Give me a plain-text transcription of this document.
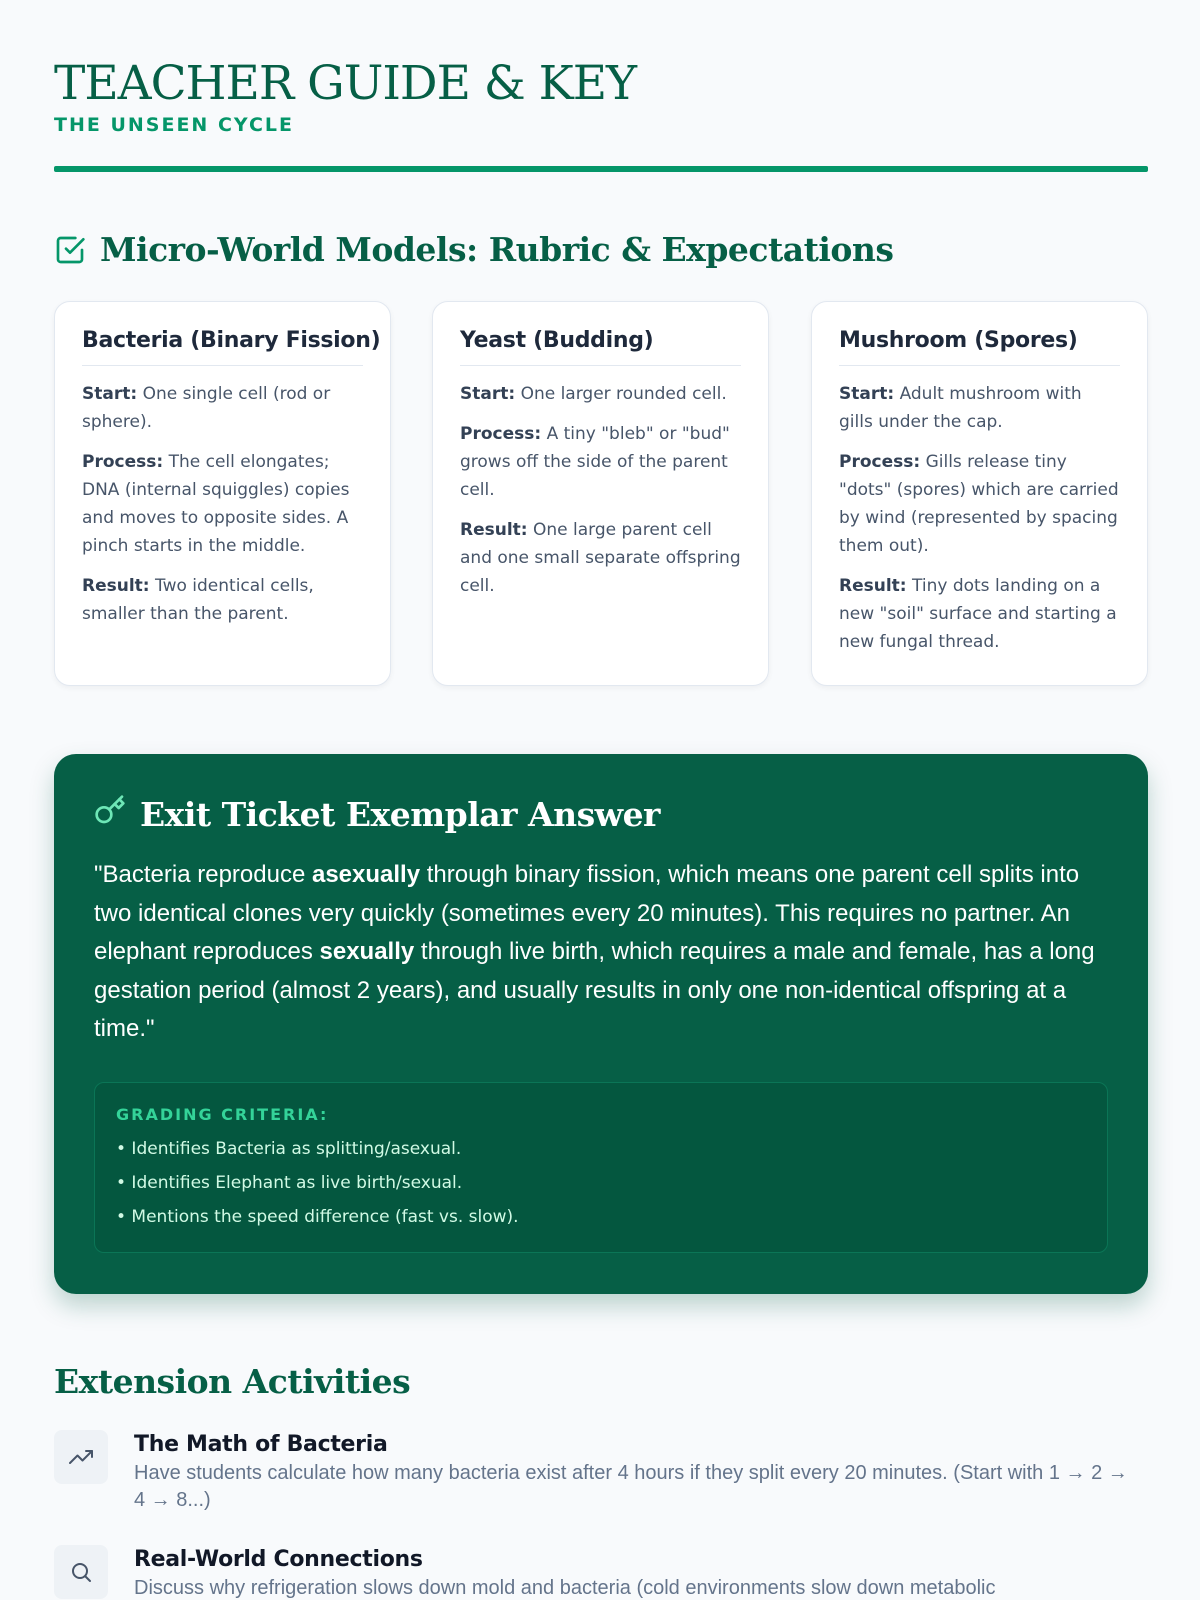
TEACHER GUIDE & KEY
THE UNSEEN CYCLE
Micro-World Models: Rubric & Expectations
Bacteria (Binary Fission)

Start: One single cell (rod or sphere).

Process: The cell elongates; DNA (internal squiggles) copies and moves to opposite sides. A pinch starts in the middle.

Result: Two identical cells, smaller than the parent.

Yeast (Budding)

Start: One larger rounded cell.

Process: A tiny "bleb" or "bud" grows off the side of the parent cell.

Result: One large parent cell and one small separate offspring cell.

Mushroom (Spores)

Start: Adult mushroom with gills under the cap.

Process: Gills release tiny "dots" (spores) which are carried by wind (represented by spacing them out).

Result: Tiny dots landing on a new "soil" surface and starting a new fungal thread.

Exit Ticket Exemplar Answer

"Bacteria reproduce asexually through binary fission, which means one parent cell splits into two identical clones very quickly (sometimes every 20 minutes). This requires no partner. An elephant reproduces sexually through live birth, which requires a male and female, has a long gestation period (almost 2 years), and usually results in only one non-identical offspring at a time."

GRADING CRITERIA:
• Identifies Bacteria as splitting/asexual.
• Identifies Elephant as live birth/sexual.
• Mentions the speed difference (fast vs. slow).
Extension Activities
The Math of Bacteria
Have students calculate how many bacteria exist after 4 hours if they split every 20 minutes. (Start with 1 → 2 → 4 → 8...)
Real-World Connections
Discuss why refrigeration slows down mold and bacteria (cold environments slow down metabolic
